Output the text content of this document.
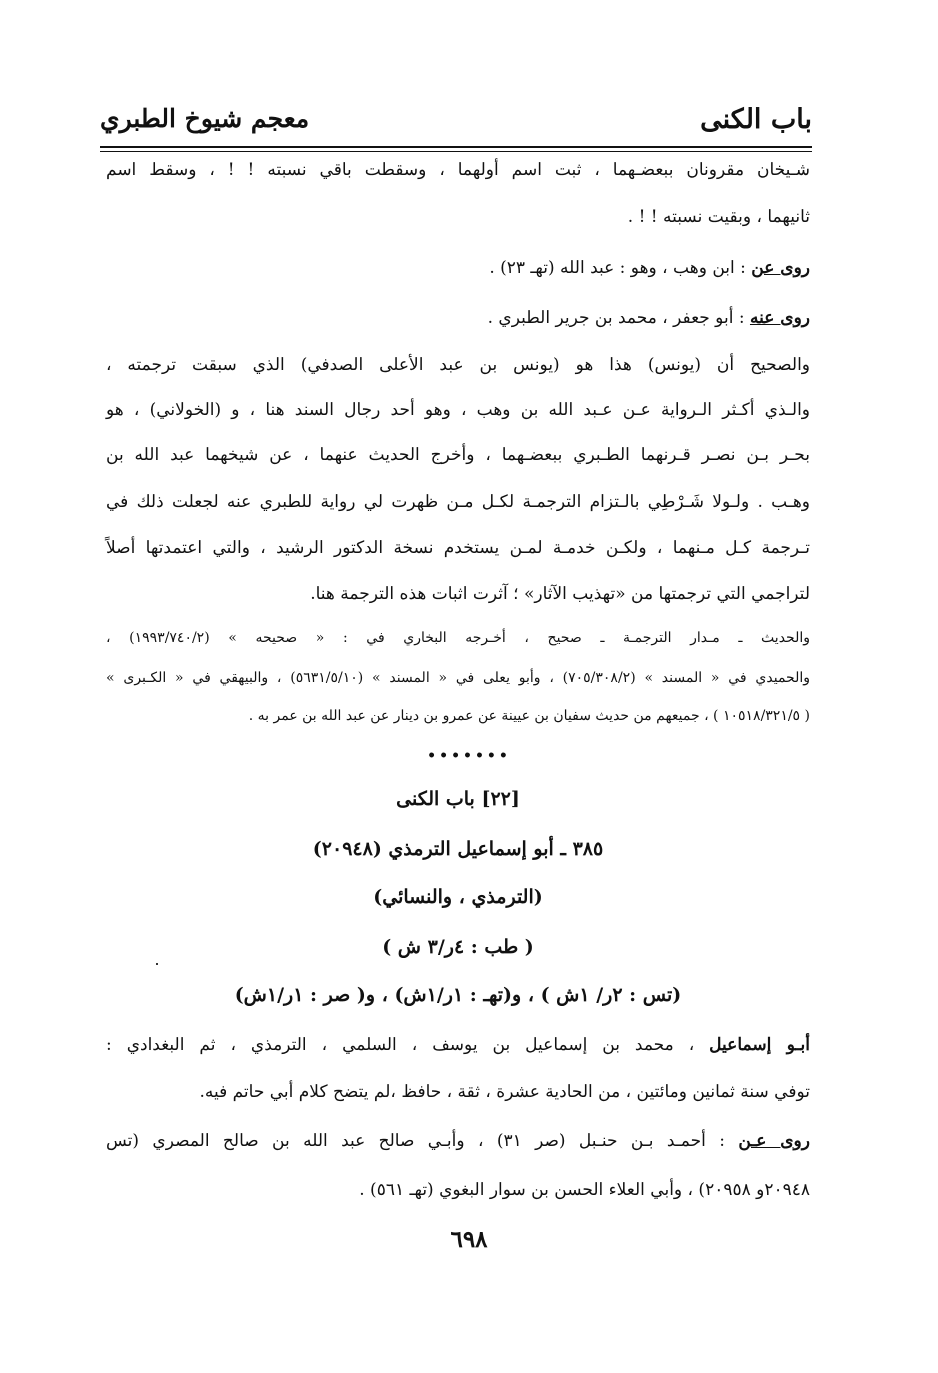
باب الكنى
معجم شيوخ الطبري
شـيخان مقرونان ببعضـهما ، ثبت اسم أولهما ، وسقطت باقي نسبته ! ! ، وسقط اسم
ثانيهما ، وبقيت نسبته ! ! .
روى عن : ابن وهب ، وهو : عبد الله (تهـ ٢٣) .
روى عنه : أبو جعفر ، محمد بن جرير الطبري .
والصحيح أن (يونس) هذا هو (يونس بن عبد الأعلى الصدفي) الذي سبقت ترجمته ،
والـذي أكـثر الـرواية عـن عـبد الله بن وهب ، وهو أحد رجال السند هنا ، و (الخولاني) ، هو
بحـر بـن نصـر قـرنهما الطـبري ببعضـهما ، وأخرج الحديث عنهما ، عن شيخهما عبد الله بن
وهـب . ولـولا شَـرْطِي بالـتزام الترجمـة لكـل مـن ظهرت لي رواية للطبري عنه لجعلت ذلك في
تـرجمة كـل مـنهما ، ولكـن خدمـة لمـن يستخدم نسخة الدكتور الرشيد ، والتي اعتمدتها أصلاً
لتراجمي التي ترجمتها من «تهذيب الآثار» ؛ آثرت اثبات هذه الترجمة هنا.
والحديث ـ مـدار الترجمـة ـ صحيح ، أخـرجه البخاري في : « صحيحه » (١٩٩٣/٧٤٠/٢) ،
والحميدي في « المسند » (٧٠٥/٣٠٨/٢) ، وأبو يعلى في « المسند » (٥٦٣١/٥/١٠) ، والبيهقي في « الكـبرى »
( ١٠٥١٨/٣٢١/٥ ) ، جميعهم من حديث سفيان بن عيينة عن عمرو بن دينار عن عبد الله بن عمر به .
•••••••
[٢٢] باب الكنى
٣٨٥ ـ أبو إسماعيل الترمذي (٢٠٩٤٨)
(الترمذي ، والنسائي)
( طب : ٤ر/٣ ش )
(تس : ٢ر/ ١ش ) ، و(تهـ : ١ر/١ش) ، و( صر : ١ر/١ش)
أبـو إسماعيل ، محمد بن إسماعيل بن يوسف ، السلمي ، الترمذي ، ثم البغدادي :
توفي سنة ثمانين ومائتين ، من الحادية عشرة ، ثقة ، حافظ ،لم يتضح كلام أبي حاتم فيه.
روى عـن : أحمـد بـن حنـبل (صر ٣١) ، وأبـي صالح عبد الله بن صالح المصري (تس
٢٠٩٤٨و ٢٠٩٥٨) ، وأبي العلاء الحسن بن سوار البغوي (تهـ ٥٦١) .
٦٩٨
